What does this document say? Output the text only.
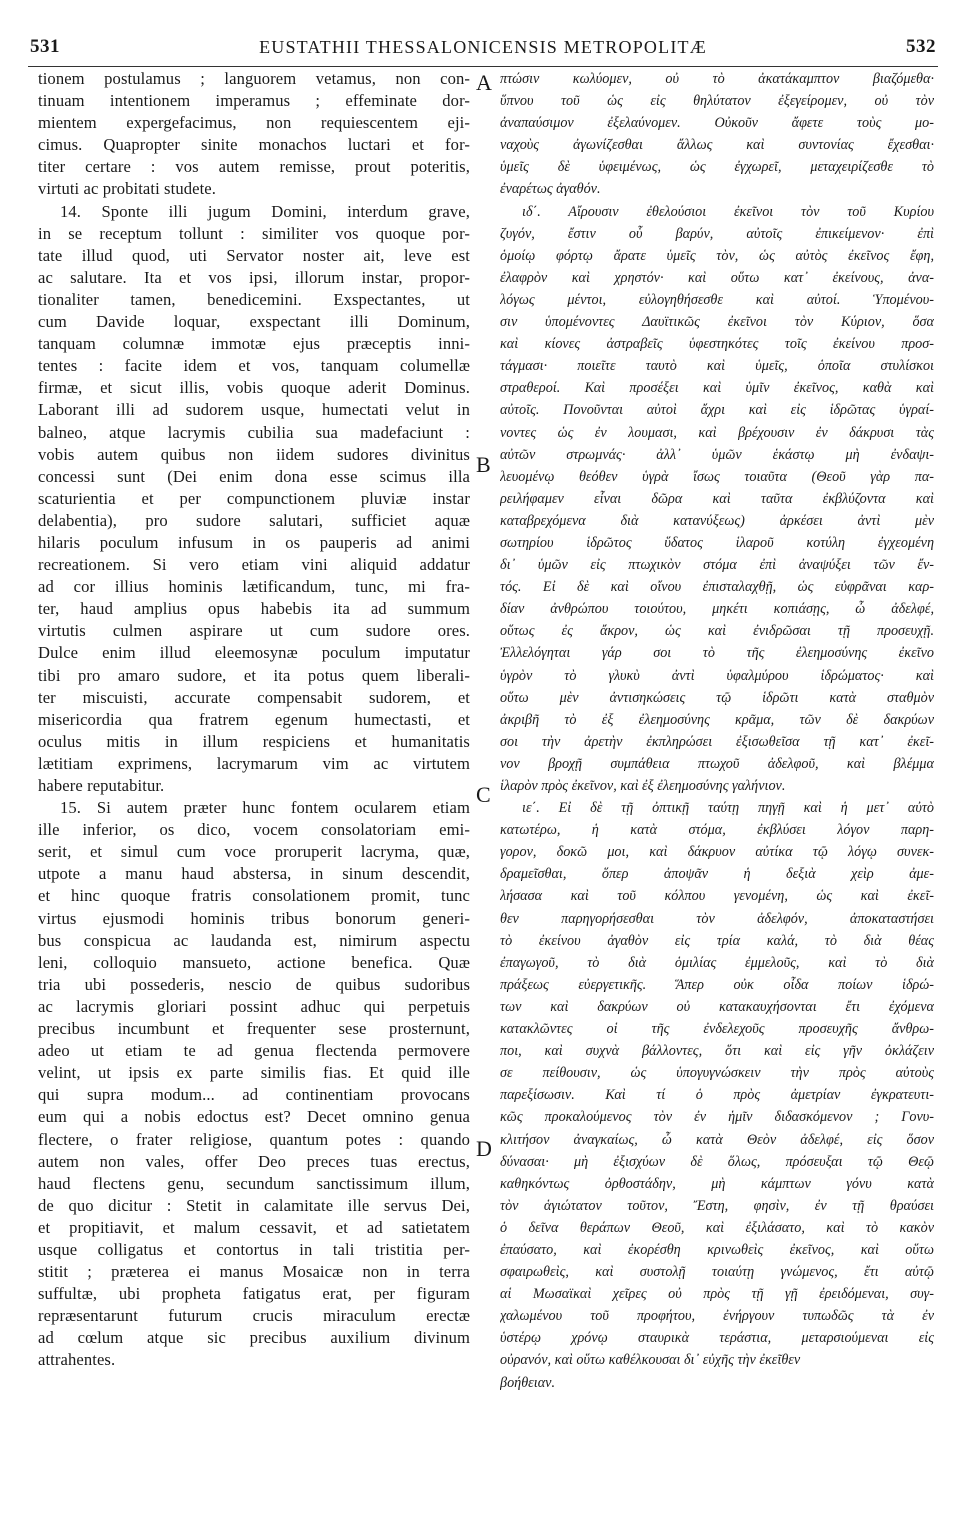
531	EUSTATHII THESSALONICENSIS METROPOLITÆ	532
tionem postulamus ; languorem vetamus, non con-
tinuam intentionem imperamus ; effeminate dor-
mientem expergefacimus, non requiescentem eji-
cimus. Quapropter sinite monachos luctari et for-
titer certare : vos autem remisse, prout poteritis,
virtuti ac probitati studete.
14. Sponte illi jugum Domini, interdum grave,
in se receptum tollunt : similiter vos quoque por-
tate illud quod, uti Servator noster ait, leve est
ac salutare. Ita et vos ipsi, illorum instar, propor-
tionaliter tamen, benedicemini. Exspectantes, ut
cum Davide loquar, exspectant illi Dominum,
tanquam columnæ immotæ ejus præceptis inni-
tentes : facite idem et vos, tanquam columellæ
firmæ, et sicut illis, vobis quoque aderit Dominus.
Laborant illi ad sudorem usque, humectati velut in
balneo, atque lacrymis cubilia sua madefaciunt :
vobis autem quibus non iidem sudores divinitus
concessi sunt (Dei enim dona esse scimus illa
scaturientia et per compunctionem pluviæ instar
delabentia), pro sudore salutari, sufficiet aquæ
hilaris poculum infusum in os pauperis ad animi
recreationem. Si vero etiam vini aliquid addatur
ad cor illius hominis lætificandum, tunc, mi fra-
ter, haud amplius opus habebis ita ad summum
virtutis culmen aspirare ut cum sudore ores.
Dulce enim illud eleemosynæ poculum imputatur
tibi pro amaro sudore, et ita potus quem liberali-
ter miscuisti, accurate compensabit sudorem, et
misericordia qua fratrem egenum humectasti, et
oculus mitis in illum respiciens et humanitatis
lætitiam exprimens, lacrymarum vim ac virtutem
habere reputabitur.
15. Si autem præter hunc fontem ocularem etiam
ille inferior, os dico, vocem consolatoriam emi-
serit, et simul cum voce proruperit lacryma, quæ,
utpote a manu haud abstersa, in sinum descendit,
et hinc quoque fratris consolationem promit, tunc
virtus ejusmodi hominis tribus bonorum generi-
bus conspicua ac laudanda est, nimirum aspectu
leni, colloquio mansueto, actione benefica. Quæ
tria ubi possederis, nescio de quibus sudoribus
ac lacrymis gloriari possint adhuc qui perpetuis
precibus incumbunt et frequenter sese prosternunt,
adeo ut etiam te ad genua flectenda permovere
velint, ut ipsis ex parte similis fias. Et quid ille
qui supra modum... ad continentiam provocans
eum qui a nobis edoctus est? Decet omnino genua
flectere, o frater religiose, quantum potes : quando
autem non vales, offer Deo preces tuas erectus,
haud flectens genu, secundum sanctissimum illum,
de quo dicitur : Stetit in calamitate ille servus Dei,
et propitiavit, et malum cessavit, et ad satietatem
usque colligatus et contortus in tali tristitia per-
stitit ; præterea ei manus Mosaicæ non in terra
suffultæ, ubi propheta fatigatus erat, per figuram
repræsentarunt futurum crucis miraculum erectæ
ad cœlum atque sic precibus auxilium divinum
attrahentes.
πτώσιν κωλύομεν, οὐ τὸ ἀκατάκαμπτον βιαζόμεθα·
ὕπνου τοῦ ὡς εἰς θηλύτατον ἐξεγείρομεν, οὐ τὸν
ἀναπαύσιμον ἐξελαύνομεν. Οὐκοῦν ἄφετε τοὺς μο-
ναχοὺς ἀγωνίζεσθαι ἄλλως καὶ συντονίας ἔχεσθαι·
ὑμεῖς δὲ ὑφειμένως, ὡς ἐγχωρεῖ, μεταχειρίζεσθε τὸ
ἐναρέτως ἀγαθόν.
ιδ΄. Αἴρουσιν ἐθελούσιοι ἐκεῖνοι τὸν τοῦ Κυρίου
ζυγόν, ἔστιν οὗ βαρύν, αὐτοῖς ἐπικείμενον· ἐπὶ
ὁμοίῳ φόρτῳ ἄρατε ὑμεῖς τὸν, ὡς αὐτὸς ἐκεῖνος ἔφη,
ἐλαφρὸν καὶ χρηστόν· καὶ οὕτω κατ᾽ ἐκείνους, ἀνα-
λόγως μέντοι, εὐλογηθήσεσθε καὶ αὐτοί. Ὑπομένου-
σιν ὑπομένοντες Δαυϊτικῶς ἐκεῖνοι τὸν Κύριον, ὅσα
καὶ κίονες ἀστραβεῖς ὑφεστηκότες τοῖς ἐκείνου προσ-
τάγμασι· ποιεῖτε ταυτὸ καὶ ὑμεῖς, ὁποῖα στυλίσκοι
στραθεροί. Καὶ προσέξει καὶ ὑμῖν ἐκεῖνος, καθὰ καὶ
αὐτοῖς. Πονοῦνται αὐτοὶ ἄχρι καὶ εἰς ἱδρῶτας ὑγραί-
νοντες ὡς ἐν λουμασι, καὶ βρέχουσιν ἐν δάκρυσι τὰς
αὐτῶν στρωμνάς· ἀλλ᾽ ὑμῶν ἑκάστῳ μὴ ἐνδαψι-
λευομένῳ θεόθεν ὑγρὰ ἴσως τοιαῦτα (Θεοῦ γὰρ πα-
ρειλήφαμεν εἶναι δῶρα καὶ ταῦτα ἐκβλύζοντα καὶ
καταβρεχόμενα διὰ κατανύξεως) ἀρκέσει ἀντὶ μὲν
σωτηρίου ἱδρῶτος ὕδατος ἱλαροῦ κοτύλη ἐγχεομένη
δι᾽ ὑμῶν εἰς πτωχικὸν στόμα ἐπὶ ἀναψύξει τῶν ἔν-
τός. Εἰ δὲ καὶ οἴνου ἐπισταλαχθῇ, ὡς εὐφρᾶναι καρ-
δίαν ἀνθρώπου τοιούτου, μηκέτι κοπιάσῃς, ὦ ἀδελφέ,
οὕτως ἐς ἄκρον, ὡς καὶ ἐνιδρῶσαι τῇ προσευχῇ.
Ἐλλελόγηται γάρ σοι τὸ τῆς ἐλεημοσύνης ἐκεῖνο
ὑγρὸν τὸ γλυκὺ ἀντὶ ὑφαλμύρου ἱδρώματος· καὶ
οὕτω μὲν ἀντισηκώσεις τῷ ἱδρῶτι κατὰ σταθμὸν
ἀκριβῆ τὸ ἐξ ἐλεημοσύνης κρᾶμα, τῶν δὲ δακρύων
σοι τὴν ἀρετὴν ἐκπληρώσει ἐξισωθεῖσα τῇ κατ᾽ ἐκεῖ-
νον βροχῇ συμπάθεια πτωχοῦ ἀδελφοῦ, καὶ βλέμμα
ἱλαρὸν πρὸς ἐκεῖνον, καὶ ἐξ ἐλεημοσύνης γαλήνιον.
ιε΄. Εἰ δὲ τῇ ὀπτικῇ ταύτῃ πηγῇ καὶ ἡ μετ᾽ αὐτὸ
κατωτέρω, ἡ κατὰ στόμα, ἐκβλύσει λόγον παρη-
γορον, δοκῶ μοι, καὶ δάκρυον αὐτίκα τῷ λόγῳ συνεκ-
δραμεῖσθαι, ὅπερ ἀποψᾶν ἡ δεξιὰ χεὶρ ἀμε-
λήσασα καὶ τοῦ κόλπου γενομένη, ὡς καὶ ἐκεῖ-
θεν παρηγορήσεσθαι τὸν ἀδελφόν, ἀποκαταστήσει
τὸ ἐκείνου ἀγαθὸν εἰς τρία καλά, τὸ διὰ θέας
ἐπαγωγοῦ, τὸ διὰ ὁμιλίας ἐμμελοῦς, καὶ τὸ διὰ
πράξεως εὐεργετικῆς. Ἅπερ οὐκ οἶδα ποίων ἱδρώ-
των καὶ δακρύων οὐ κατακαυχήσονται ἔτι ἐχόμενα
κατακλῶντες οἱ τῆς ἐνδελεχοῦς προσευχῆς ἄνθρω-
ποι, καὶ συχνὰ βάλλοντες, ὅτι καὶ εἰς γῆν ὀκλάζειν
σε πείθουσιν, ὡς ὑπογυγνώσκειν τὴν πρὸς αὐτοὺς
παρεξίσωσιν. Καὶ τί ὁ πρὸς ἀμετρίαν ἐγκρατευτι-
κῶς προκαλούμενος τὸν ἐν ἡμῖν διδασκόμενον ; Γονυ-
κλιτήσον ἀναγκαίως, ὦ κατὰ Θεὸν ἀδελφέ, εἰς ὅσον
δύνασαι· μὴ ἐξισχύων δὲ ὅλως, πρόσευξαι τῷ Θεῷ
καθηκόντως ὀρθοστάδην, μὴ κάμπτων γόνυ κατὰ
τὸν ἁγιώτατον τοῦτον, Ἔστη, φησὶν, ἐν τῇ θραύσει
ὁ δεῖνα θεράπων Θεοῦ, καὶ ἐξιλάσατο, καὶ τὸ κακὸν
ἐπαύσατο, καὶ ἐκορέσθη κρινωθεὶς ἐκεῖνος, καὶ οὕτω
σφαιρωθεὶς, καὶ συστολῇ τοιαύτῃ γνώμενος, ἔτι αὐτῷ
αἱ Μωσαϊκαὶ χεῖρες οὐ πρὸς τῇ γῇ ἐρειδόμεναι, συγ-
χαλωμένου τοῦ προφήτου, ἐνήργουν τυπωδῶς τὰ ἐν
ὑστέρῳ χρόνῳ σταυρικὰ τεράστια, μεταρσιούμεναι εἰς
οὐρανόν, καὶ οὕτω καθέλκουσαι δι᾽ εὐχῆς τὴν ἐκεῖθεν
βοήθειαν.
A
B
C
D
